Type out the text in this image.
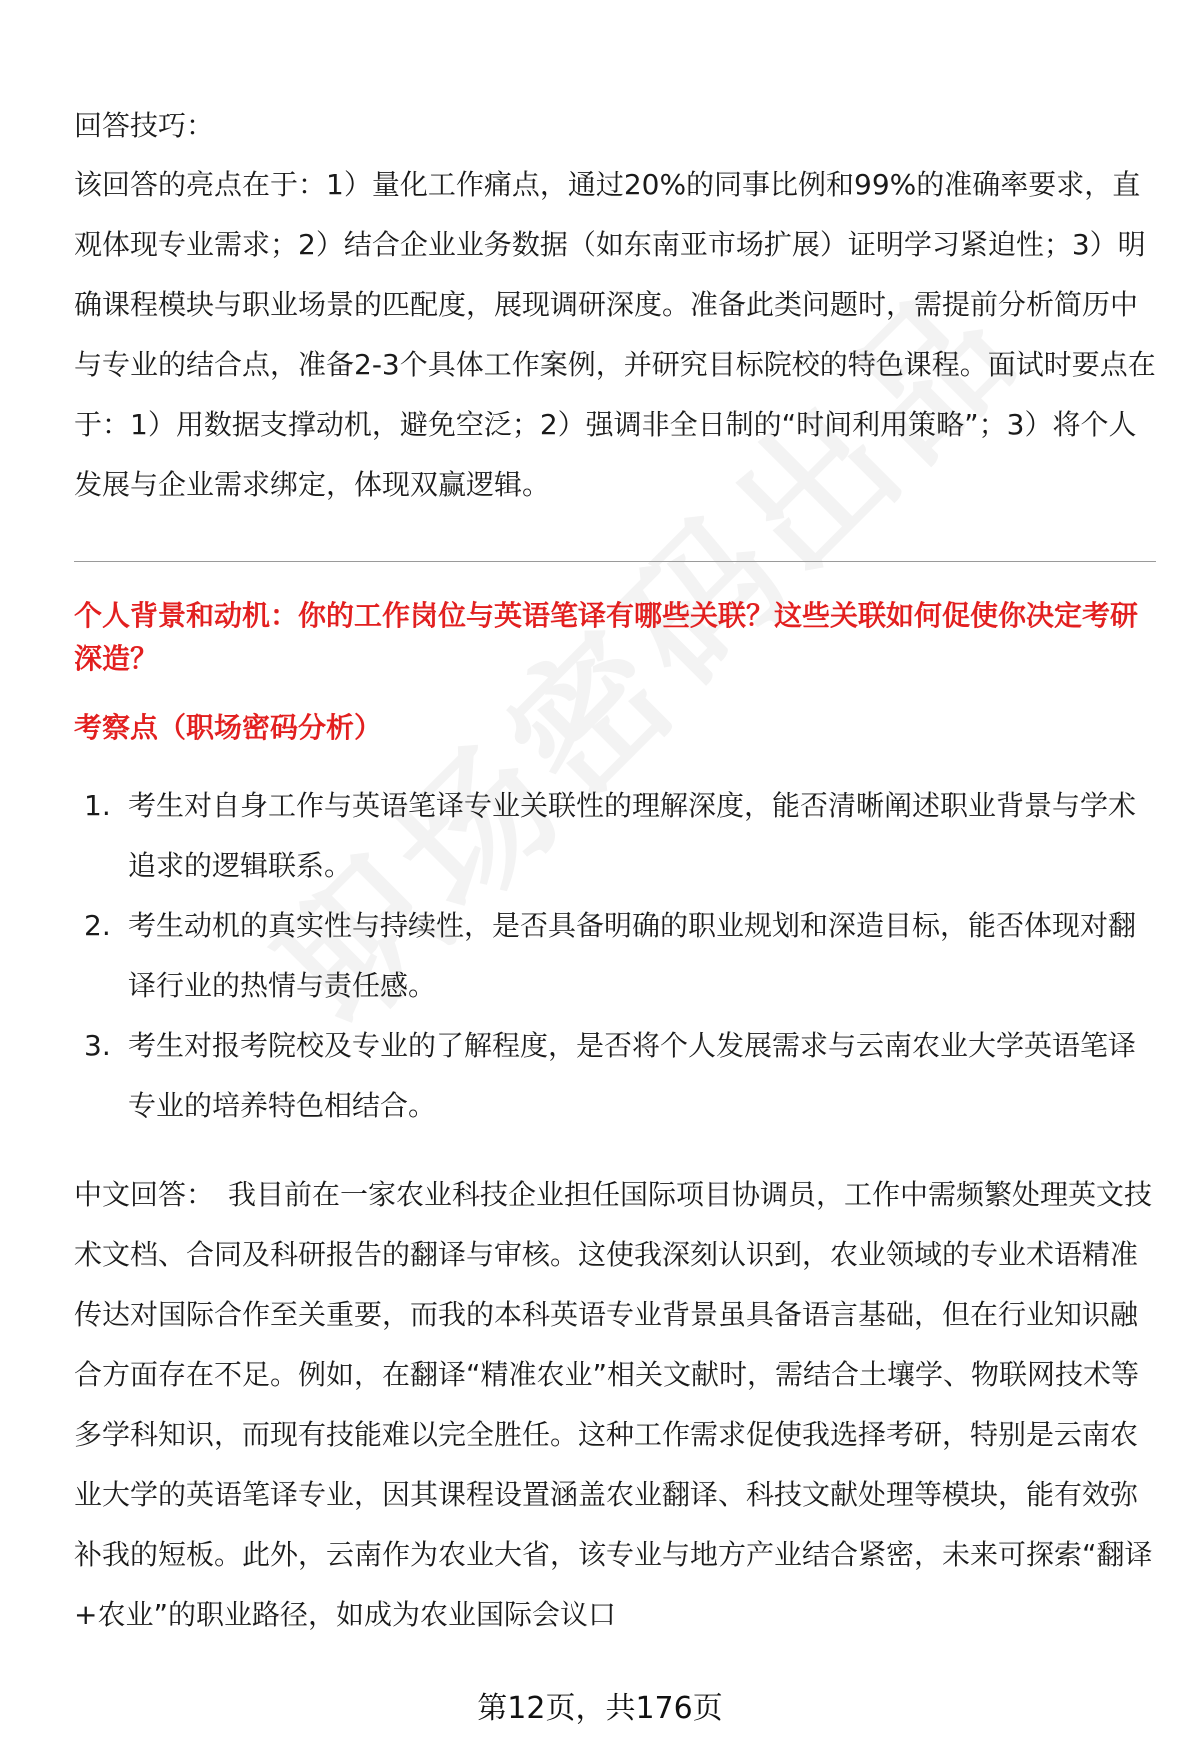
回答技巧：

该回答的亮点在于：1）量化工作痛点，通过20%的同事比例和99%的准确率要求，直观体现专业需求；2）结合企业业务数据（如东南亚市场扩展）证明学习紧迫性；3）明确课程模块与职业场景的匹配度，展现调研深度。准备此类问题时，需提前分析简历中与专业的结合点，准备2-3个具体工作案例，并研究目标院校的特色课程。面试时要点在于：1）用数据支撑动机，避免空泛；2）强调非全日制的“时间利用策略”；3）将个人发展与企业需求绑定，体现双赢逻辑。

个人背景和动机：你的工作岗位与英语笔译有哪些关联？这些关联如何促使你决定考研深造？

考察点（职场密码分析）

1. 考生对自身工作与英语笔译专业关联性的理解深度，能否清晰阐述职业背景与学术追求的逻辑联系。
2. 考生动机的真实性与持续性，是否具备明确的职业规划和深造目标，能否体现对翻译行业的热情与责任感。
3. 考生对报考院校及专业的了解程度，是否将个人发展需求与云南农业大学英语笔译专业的培养特色相结合。

中文回答： 我目前在一家农业科技企业担任国际项目协调员，工作中需频繁处理英文技术文档、合同及科研报告的翻译与审核。这使我深刻认识到，农业领域的专业术语精准传达对国际合作至关重要，而我的本科英语专业背景虽具备语言基础，但在行业知识融合方面存在不足。例如，在翻译“精准农业”相关文献时，需结合土壤学、物联网技术等多学科知识，而现有技能难以完全胜任。这种工作需求促使我选择考研，特别是云南农业大学的英语笔译专业，因其课程设置涵盖农业翻译、科技文献处理等模块，能有效弥补我的短板。此外，云南作为农业大省，该专业与地方产业结合紧密，未来可探索“翻译+农业”的职业路径，如成为农业国际会议口

第12页，共176页
